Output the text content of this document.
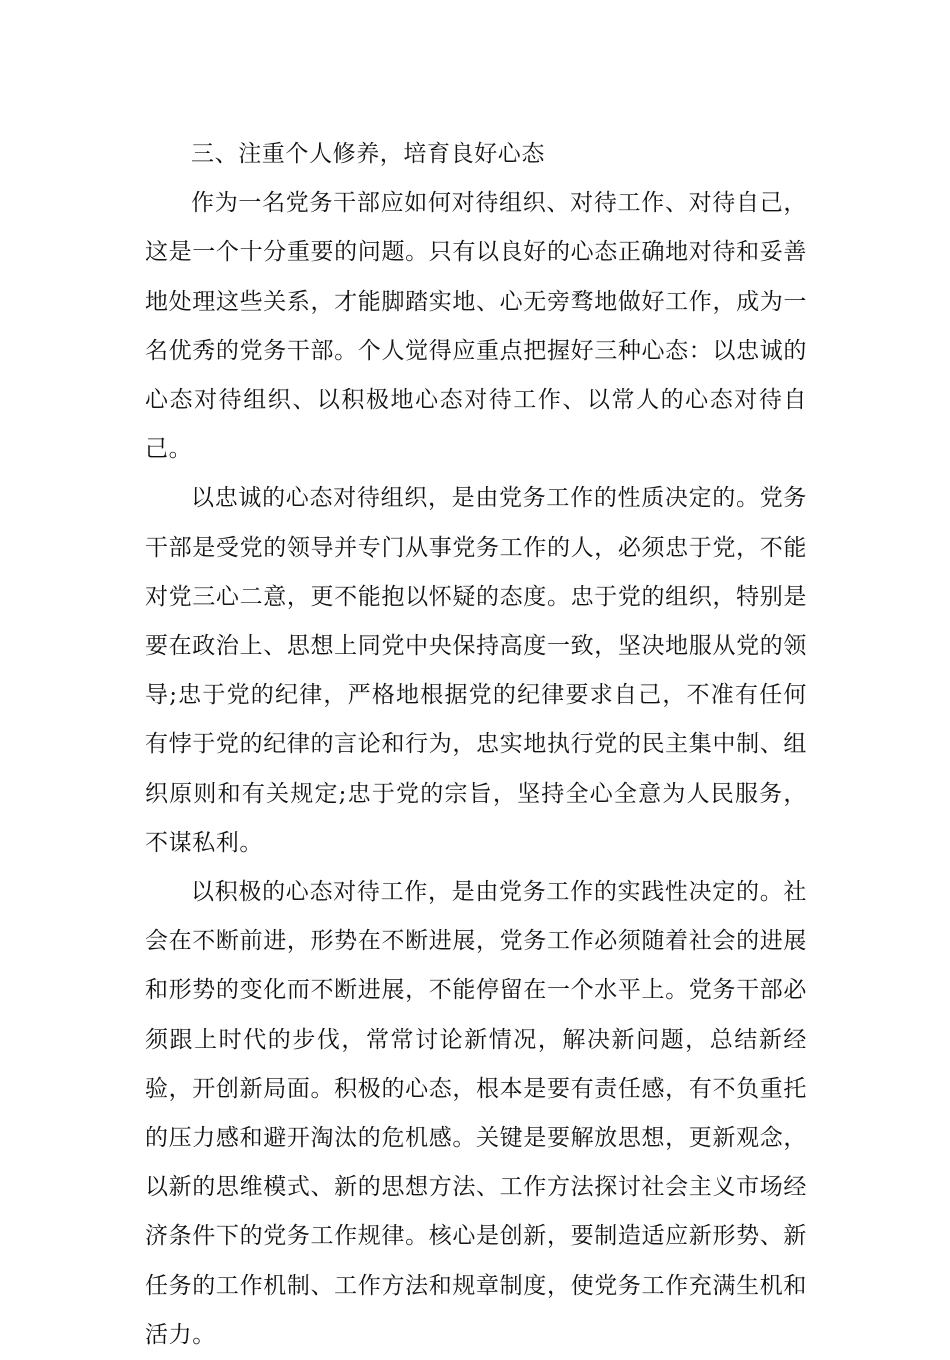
三、注重个人修养，培育良好心态

作为一名党务干部应如何对待组织、对待工作、对待自己，这是一个十分重要的问题。只有以良好的心态正确地对待和妥善地处理这些关系，才能脚踏实地、心无旁骛地做好工作，成为一名优秀的党务干部。个人觉得应重点把握好三种心态：以忠诚的心态对待组织、以积极地心态对待工作、以常人的心态对待自己。

以忠诚的心态对待组织，是由党务工作的性质决定的。党务干部是受党的领导并专门从事党务工作的人，必须忠于党，不能对党三心二意，更不能抱以怀疑的态度。忠于党的组织，特别是要在政治上、思想上同党中央保持高度一致，坚决地服从党的领导;忠于党的纪律，严格地根据党的纪律要求自己，不准有任何有悖于党的纪律的言论和行为，忠实地执行党的民主集中制、组织原则和有关规定;忠于党的宗旨，坚持全心全意为人民服务，不谋私利。

以积极的心态对待工作，是由党务工作的实践性决定的。社会在不断前进，形势在不断进展，党务工作必须随着社会的进展和形势的变化而不断进展，不能停留在一个水平上。党务干部必须跟上时代的步伐，常常讨论新情况，解决新问题，总结新经验，开创新局面。积极的心态，根本是要有责任感，有不负重托的压力感和避开淘汰的危机感。关键是要解放思想，更新观念，以新的思维模式、新的思想方法、工作方法探讨社会主义市场经济条件下的党务工作规律。核心是创新，要制造适应新形势、新任务的工作机制、工作方法和规章制度，使党务工作充满生机和活力。
